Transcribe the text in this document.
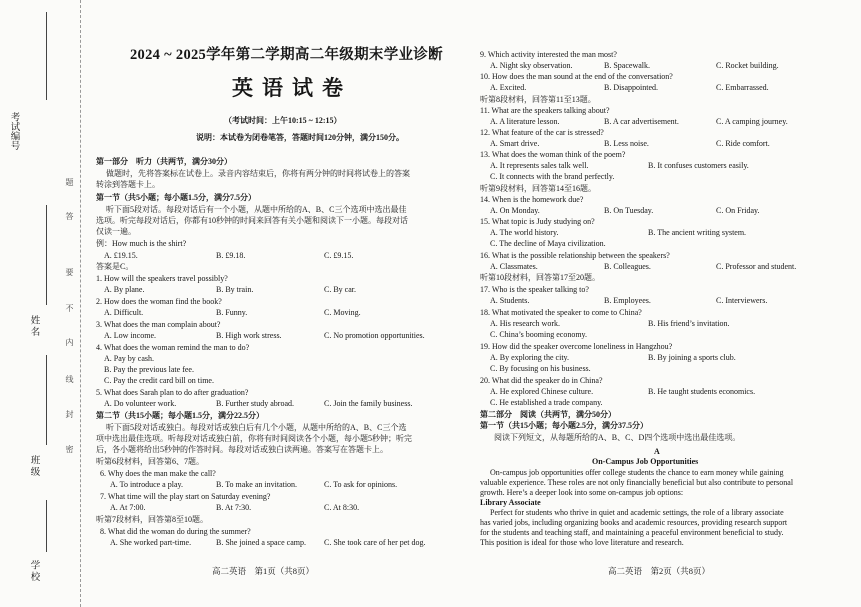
考试编号
姓 名
班 级
学 校
题
答
要
不
内
线
封
密
2024 ~ 2025学年第二学期高二年级期末学业诊断
英语试卷
（考试时间：上午10:15 ~ 12:15）
说明：本试卷为闭卷笔答，答题时间120分钟，满分150分。
第一部分　听力（共两节，满分30分）
做题时，先将答案标在试卷上。录音内容结束后，你将有两分钟的时间将试卷上的答案
转涂到答题卡上。
第一节（共5小题；每小题1.5分，满分7.5分）
听下面5段对话。每段对话后有一个小题，从题中所给的A、B、C三个选项中选出最佳
选项。听完每段对话后，你都有10秒钟的时间来回答有关小题和阅读下一小题。每段对话
仅读一遍。
例：How much is the shirt?
A. £19.15.	B. £9.18.	C. £9.15.
答案是C。
1. How will the speakers travel possibly?
A. By plane.	B. By train.	C. By car.
2. How does the woman find the book?
A. Difficult.	B. Funny.	C. Moving.
3. What does the man complain about?
A. Low income.	B. High work stress.	C. No promotion opportunities.
4. What does the woman remind the man to do?
A. Pay by cash.
B. Pay the previous late fee.
C. Pay the credit card bill on time.
5. What does Sarah plan to do after graduation?
A. Do volunteer work.	B. Further study abroad.	C. Join the family business.
第二节（共15小题；每小题1.5分，满分22.5分）
听下面5段对话或独白。每段对话或独白后有几个小题，从题中所给的A、B、C三个选
项中选出最佳选项。听每段对话或独白前，你将有时间阅读各个小题，每小题5秒钟；听完
后，各小题将给出5秒钟的作答时间。每段对话或独白读两遍。答案写在答题卡上。
听第6段材料，回答第6、7题。
6. Why does the man make the call?
A. To introduce a play.	B. To make an invitation.	C. To ask for opinions.
7. What time will the play start on Saturday evening?
A. At 7:00.	B. At 7:30.	C. At 8:30.
听第7段材料，回答第8至10题。
8. What did the woman do during the summer?
A. She worked part-time.	B. She joined a space camp. C. She took care of her pet dog.
高二英语　第1页（共8页）
9. Which activity interested the man most?
A. Night sky observation.	B. Spacewalk.	C. Rocket building.
10. How does the man sound at the end of the conversation?
A. Excited.	B. Disappointed.	C. Embarrassed.
听第8段材料，回答第11至13题。
11. What are the speakers talking about?
A. A literature lesson.	B. A car advertisement.	C. A camping journey.
12. What feature of the car is stressed?
A. Smart drive.	B. Less noise.	C. Ride comfort.
13. What does the woman think of the poem?
A. It represents sales talk well.	B. It confuses customers easily.
C. It connects with the brand perfectly.
听第9段材料，回答第14至16题。
14. When is the homework due?
A. On Monday.	B. On Tuesday.	C. On Friday.
15. What topic is Judy studying on?
A. The world history.	B. The ancient writing system.
C. The decline of Maya civilization.
16. What is the possible relationship between the speakers?
A. Classmates.	B. Colleagues.	C. Professor and student.
听第10段材料，回答第17至20题。
17. Who is the speaker talking to?
A. Students.	B. Employees.	C. Interviewers.
18. What motivated the speaker to come to China?
A. His research work.	B. His friend’s invitation.
C. China’s booming economy.
19. How did the speaker overcome loneliness in Hangzhou?
A. By exploring the city.	B. By joining a sports club.
C. By focusing on his business.
20. What did the speaker do in China?
A. He explored Chinese culture.	B. He taught students economics.
C. He established a trade company.
第二部分　阅读（共两节，满分50分）
第一节（共15小题；每小题2.5分，满分37.5分）
阅读下列短文，从每题所给的A、B、C、D四个选项中选出最佳选项。
A
On-Campus Job Opportunities
On-campus job opportunities offer college students the chance to earn money while gaining
valuable experience. These roles are not only financially beneficial but also contribute to personal
growth. Here’s a deeper look into some on-campus job options:
Library Associate
Perfect for students who thrive in quiet and academic settings, the role of a library associate
has varied jobs, including organizing books and academic resources, providing research support
for the students and teaching staff, and maintaining a peaceful environment beneficial to study.
This position is ideal for those who love literature and research.
高二英语　第2页（共8页）
